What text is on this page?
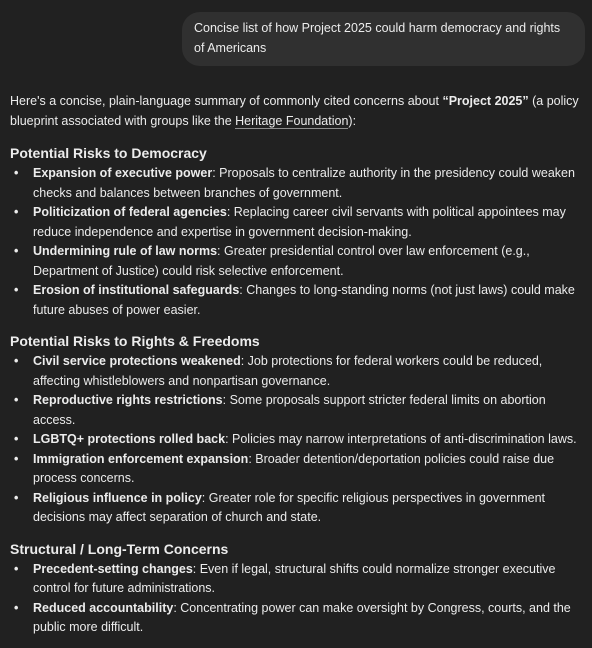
Concise list of how Project 2025 could harm democracy and rights of Americans

Here's a concise, plain-language summary of commonly cited concerns about “Project 2025” (a policy blueprint associated with groups like the Heritage Foundation):

Potential Risks to Democracy
• Expansion of executive power: Proposals to centralize authority in the presidency could weaken checks and balances between branches of government.
• Politicization of federal agencies: Replacing career civil servants with political appointees may reduce independence and expertise in government decision-making.
• Undermining rule of law norms: Greater presidential control over law enforcement (e.g., Department of Justice) could risk selective enforcement.
• Erosion of institutional safeguards: Changes to long-standing norms (not just laws) could make future abuses of power easier.
Potential Risks to Rights & Freedoms
• Civil service protections weakened: Job protections for federal workers could be reduced, affecting whistleblowers and nonpartisan governance.
• Reproductive rights restrictions: Some proposals support stricter federal limits on abortion access.
• LGBTQ+ protections rolled back: Policies may narrow interpretations of anti-discrimination laws.
• Immigration enforcement expansion: Broader detention/deportation policies could raise due process concerns.
• Religious influence in policy: Greater role for specific religious perspectives in government decisions may affect separation of church and state.
Structural / Long-Term Concerns
• Precedent-setting changes: Even if legal, structural shifts could normalize stronger executive control for future administrations.
• Reduced accountability: Concentrating power can make oversight by Congress, courts, and the public more difficult.
